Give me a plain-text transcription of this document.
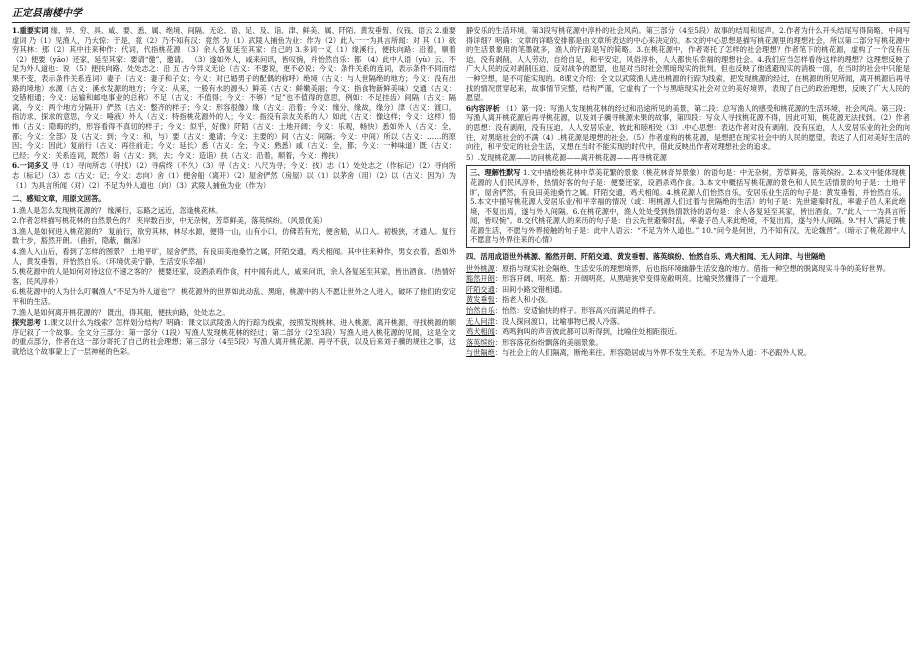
正定县南楼中学

1.重要实词 缘、异、穷、具、咸、要、悉、属、绝境、间隔、无论、语、足、及、诣、津、鲜美、属、阡陌、黄发垂髫、仪钱、语云 2.重要虚词 乃（1）见渔人，乃大惊：于是，竟（2）乃不知有汉：竟然 为（1）武陵人捕鱼为业：作为（2）此人一一为具言所闻：对 其（1）欲穷其林：那（2）其中往来种作：代词，代指桃花源 （3）余人各复延至其家：自己的 3.多词一义（1）缘溪行，便扶向路：沿着，顺着 （2）便要（yāo）还家，延至其家：要请“邀”，邀请。 （3）遂如外人，咸来问讯，皆叹惋，并怡然自乐：都 （4）此中人语（yù）云、不足为外人道也：说 （5）便扶向路、处处志之：沿 五 古今异义无论（古义：不要说，更不必说；今义：条件关系的连词，表示条件不同而结果不变，表示条件关系连词）妻子（古义：妻子和子女；今义：对已婚男子的配偶的称呼）绝境（古义：与人世隔绝的地方；今义：没有出路的境地）水源（古义：溪水发源的地方；今义：从来，一般有水的源头）鲜美（古义：鲜嫩美丽；今义：指食物新鲜美味）交通（古义：交错相通；今义：运输和邮电事业的总称）不足（古义：不值得；今义：不够）“足”也不值得的意思，例如：不足挂齿）间隔（古义：隔离，今义：两个地方分隔开）俨然（古义：整齐的样子；今义：形容很像）缘（古义：沿着；今义：缘分，缘故，缘分）津（古义：渡口，指访求、探求的意思，今义：唾液）外人（古义：特指桃花源外的人；今义：指没有亲友关系的人）如此（古义：像这样；今义：这样）悟怖（古义：隐晦的约，形容看得不真切的样子；今义：似乎，好像）阡陌（古义：土地开阔；今义：乐观，畅快）悉如外人（古义：全，都；今义：全部）及（古义：到；今义：和，与）要（古义：邀请；今义：主要的）间（古义：间隔；今义：中间）所以（古义：……的原因；今义：因此）复前行（古义：再往前走；今义：延长）悉（古义：全；今义：熟悉）咸（古义：全，都；今义：一种味道）既（古义：已经；今义：关系连词，既然）诣（古义：到，去；今义：造诣）扶（古义：沿着，顺着，今义：搀扶）

6.一词多义 寻（1）寻向所志（寻找）（2）寻病终（不久）（3）寻（古义：八尺为寻；今义：找）志（1）处处志之（作标记）（2）寻向所志（标记）（3）志（古义：记；今义：志向）舍（1）便舍船（离开）（2）屋舍俨然（房屋）以（1）以茅舍（用）（2）以（古义：因为）为（1）为具言所闻（对）（2）不足为外人道也（向）（3）武陵人捕鱼为业（作为）

二、感知文章，用原文回答。

1.渔人是怎么发现桃花源的？ 缘溪行，忘路之远近，忽逢桃花林。

2.作者怎样描写桃花林的自然景色的？ 夹岸数百步，中无杂树，芳草鲜美，落英缤纷。（风景优美）

3.渔人是如何进入桃花源的？ 复前行，欲穷其林，林尽水源，便得一山，山有小口，仿佛若有光，便舍船，从口入。初极狭，才通人。复行数十步，豁然开朗。（曲折，隐蔽，幽深）

4.渔人入山后，看到了怎样的图景？ 土地平旷，屋舍俨然，有良田美池桑竹之属，阡陌交通，鸡犬相闻。其中往来种作，男女衣着，悉如外人，黄发垂髫，并怡然自乐。（环境优美宁静，生活安乐幸福）

5.桃花源中的人是如何对待这位不速之客的？ 便要还家，设酒杀鸡作食，村中闻有此人，咸来问讯，余人各复延至其家，皆出酒食。（热情好客，民风淳朴）

6.桃花源中的人为什么叮嘱渔人“不足为外人道也”？ 桃花源外的世界如此动乱、黑暗，桃源中的人不愿让世外之人进入，破坏了他们的安定平和的生活。

7.渔人是如何离开桃花源的？ 既出，得其船，便扶向路，处处志之。

探究思考 1.课文以什么为线索？怎样划分结构？明确：课文以武陵渔人的行踪为线索，按照发现桃林、进入桃源、离开桃源、寻找桃源的顺序记叙了一个故事。全文分三部分：第一部分（1段）写渔人发现桃花林的经过；第二部分（2至3段）写渔人进入桃花源的见闻，这是全文的重点部分，作者在这一部分寄托了自己的社会理想；第三部分（4至5段）写渔人离开桃花源、再寻不获，以及后来刘子骥的规往之事，这就给这个故事蒙上了一层神秘的色彩。

静安乐的生活环境。第3段写桃花源中淳朴的社会风尚。第三部分（4至5段）故事的结局和尾声。2.作者为什么开头结尾写得简略，中间写得详细？明确：文章的详略安排都是由文章所表达的中心来决定的。本文的中心思想是描写桃花源里的理想社会，所以第二部分写桃花源中的生活景象用的笔墨就多，渔人的行踪是写的简略。3.在桃花源中，作者寄托了怎样的社会理想？作者笔下的桃花源，虚构了一个没有压迫、没有剥削，人人劳动，自给自足，和平安定，风俗淳朴，人人都快乐幸福的理想社会。4.我们应当怎样看待这样的理想？这理想反映了广大人民的反对剥削压迫、反对战争的愿望，也是对当时社会黑暗现实的批判。但也反映了他逃避现实的消极一面，在当时的社会中只能是一种空想，是不可能实现的。8课文介绍：全文以武陵渔人进出桃源的行踪为线索，把发现桃源的经过，在桃源的所见所闻，离开桃源后再寻找的情况贯穿起来，故事情节完整，结构严谨，它虚构了一个与黑暗现实社会对立的美好境界，表现了自己的政治理想，反映了广大人民的愿望。

6内容评析 （1）第一段：写渔人发现桃花林的经过和沿途所见的美景，第二段：总写渔人的感受和桃花源的生活环境，社会风尚。第三段：写渔人离开桃花源后再寻桃花源，以及刘子骥寻桃源未果的故事，第四段：写众人寻找桃花源不得，因此可知，桃花源无法找到。（2）作者的思想：没有剥削，没有压迫，人人安居乐业，彼此和睦相处（3）.中心思想：表达作者对没有剥削、没有压迫，人人安居乐业的社会的向往，对黑暗社会的不满（4）.桃花源是理想的社会。（5）作者虚构的桃花源，是想把在现实社会中的人民的愿望，表达了人们对美好生活的向往，和平安定的社会生活，又想在当时不能实现的时代中，借此反映出作者对理想社会的追求。

5）.发现桃花源——访问桃花源——离开桃花源——再寻桃花源

三、理解性默写 1.文中描绘桃花林中草美花繁的景象（桃花林奇异景象）的语句是：中无杂树，芳草鲜美，落英缤纷。2.本文中能体现桃花源的人们民风淳朴，热情好客的句子是：便要还家，设酒杀鸡作食。3.本文中概括写桃花源的景色和人民生活情景的句子是：土地平旷，屋舍俨然，有良田美池桑竹之属。阡陌交通，鸡犬相闻。4.桃花源人们怡然自乐，安居乐业生活的句子是：黄发垂髫，并怡然自乐。5.本文中描写桃花源人安居乐业/和平幸福的情况（或：明桃源人们过着与世隔绝的生活）的句子是：先世避秦时乱，率妻子邑人来此绝境，不复出焉，遂与外人间隔。6.在桃花源中，渔人处处受到热情款待的语句是：余人各复延至其家，皆出酒食。7.“此人一一为具言所闻，皆叹惋”。8.交代桃花源人的来历的句子是：自云先世避秦时乱，率妻子邑人来此绝境，不复出焉，遂与外人间隔。9.“村人”满足于桃花源生活，不愿与外界接触的句子是：此中人语云：“不足为外人道也。” 10.“问今是何世，乃不知有汉，无论魏晋”。（暗示了桃花源中人不愿意与外界往来的心情）
四、活用成语世外桃源、豁然开朗、阡陌交通、黄发垂髫、落英缤纷、怡然自乐、鸡犬相闻、无人问津、与世隔绝

世外桃源：原指与现实社会隔绝、生活安乐的理想境界，后也指环境幽静生活安逸的地方。借指一种空想的脱离现实斗争的美好世界。

豁然开朗：形容开阔、明亮。豁：开阔明亮。从黑暗狭窄变得宽敞明亮。比喻突然懂得了一个道理。

阡陌交通：田间小路交错相通。

黄发垂髫：指老人和小孩。

怡然自乐：怡然：安适愉快的样子。形容高兴而满足的样子。

无人问津：没人探问渡口，比喻事物已被人冷落。

鸡犬相闻：鸡鸣狗叫的声音彼此都可以听得到，比喻住处相距很近。

落英缤纷：形容落花纷纷飘落的美丽景象。

与世隔绝：与社会上的人们隔离，断绝来往。形容隐居或与外界不发生关系。不足为外人道：不必跟外人说。
